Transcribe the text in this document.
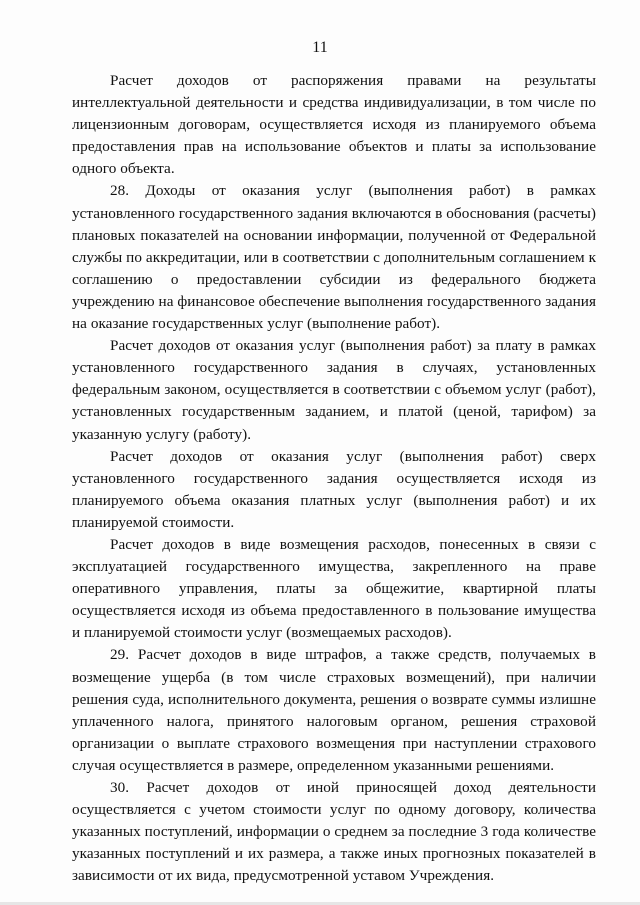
11

Расчет доходов от распоряжения правами на результаты интеллектуальной деятельности и средства индивидуализации, в том числе по лицензионным договорам, осуществляется исходя из планируемого объема предоставления прав на использование объектов и платы за использование одного объекта.

28. Доходы от оказания услуг (выполнения работ) в рамках установленного государственного задания включаются в обоснования (расчеты) плановых показателей на основании информации, полученной от Федеральной службы по аккредитации, или в соответствии с дополнительным соглашением к соглашению о предоставлении субсидии из федерального бюджета учреждению на финансовое обеспечение выполнения государственного задания на оказание государственных услуг (выполнение работ).

Расчет доходов от оказания услуг (выполнения работ) за плату в рамках установленного государственного задания в случаях, установленных федеральным законом, осуществляется в соответствии с объемом услуг (работ), установленных государственным заданием, и платой (ценой, тарифом) за указанную услугу (работу).

Расчет доходов от оказания услуг (выполнения работ) сверх установленного государственного задания осуществляется исходя из планируемого объема оказания платных услуг (выполнения работ) и их планируемой стоимости.

Расчет доходов в виде возмещения расходов, понесенных в связи с эксплуатацией государственного имущества, закрепленного на праве оперативного управления, платы за общежитие, квартирной платы осуществляется исходя из объема предоставленного в пользование имущества и планируемой стоимости услуг (возмещаемых расходов).

29. Расчет доходов в виде штрафов, а также средств, получаемых в возмещение ущерба (в том числе страховых возмещений), при наличии решения суда, исполнительного документа, решения о возврате суммы излишне уплаченного налога, принятого налоговым органом, решения страховой организации о выплате страхового возмещения при наступлении страхового случая осуществляется в размере, определенном указанными решениями.

30. Расчет доходов от иной приносящей доход деятельности осуществляется с учетом стоимости услуг по одному договору, количества указанных поступлений, информации о среднем за последние 3 года количестве указанных поступлений и их размера, а также иных прогнозных показателей в зависимости от их вида, предусмотренной уставом Учреждения.
